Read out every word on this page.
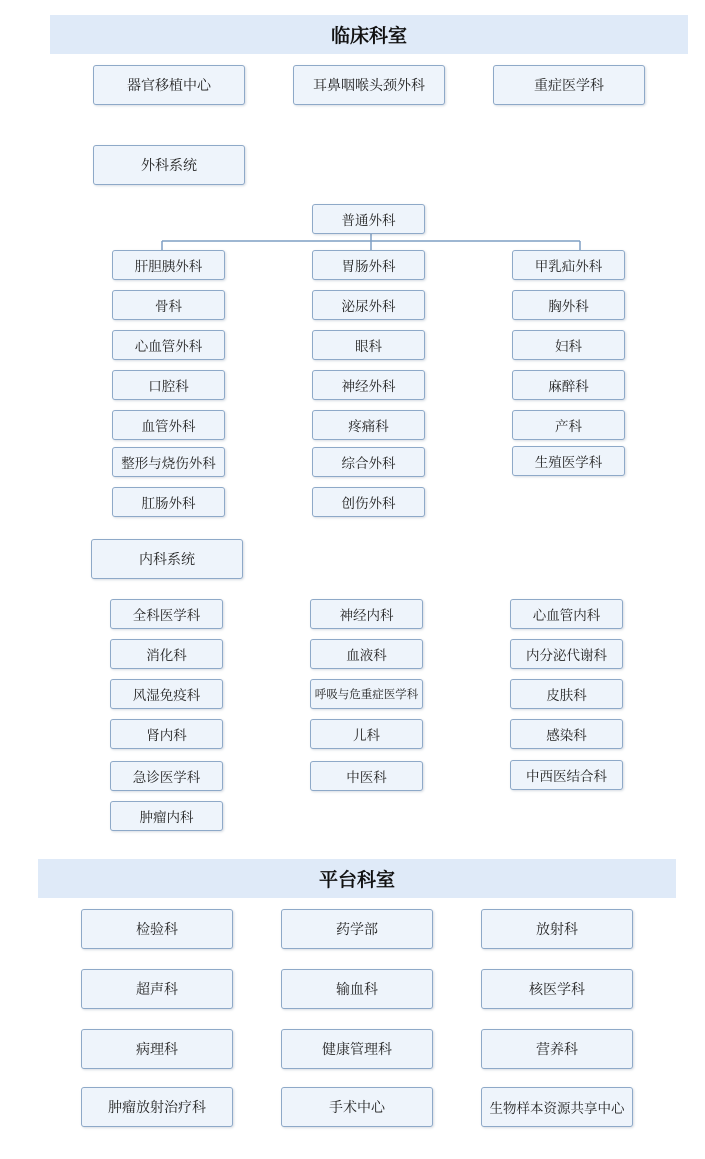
临床科室
器官移植中心	耳鼻咽喉头颈外科	重症医学科
外科系统
普通外科
肝胆胰外科
骨科
心血管外科
口腔科
血管外科
整形与烧伤外科
肛肠外科
胃肠外科
泌尿外科
眼科
神经外科
疼痛科
综合外科
创伤外科
甲乳疝外科
胸外科
妇科
麻醉科
产科
生殖医学科
内科系统
全科医学科
消化科
风湿免疫科
肾内科
急诊医学科
肿瘤内科
神经内科
血液科
呼吸与危重症医学科
儿科
中医科
心血管内科
内分泌代谢科
皮肤科
感染科
中西医结合科
平台科室
检验科	药学部	放射科
超声科	输血科	核医学科
病理科	健康管理科	营养科
肿瘤放射治疗科	手术中心	生物样本资源共享中心
